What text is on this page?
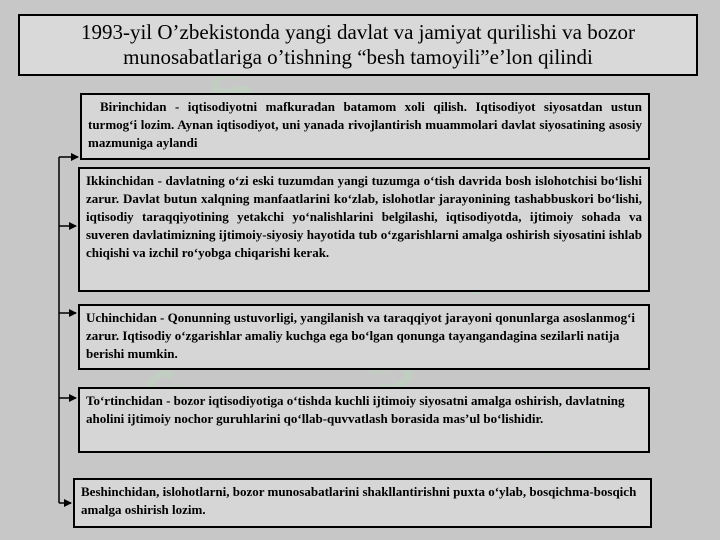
1993-yil O’zbekistonda yangi davlat va jamiyat qurilishi va bozor munosabatlariga o’tishning “besh tamoyili”e’lon qilindi
Birinchidan - iqtisodiyotni mafkuradan batamom xoli qilish. Iqtisodiyot siyosatdan ustun turmog‘i lozim. Aynan iqtisodiyot, uni yanada rivojlantirish muammolari davlat siyosatining asosiy mazmuniga aylandi
Ikkinchidan - davlatning o‘zi eski tuzumdan yangi tuzumga o‘tish davrida bosh islohotchisi bo‘lishi zarur. Davlat butun xalqning manfaatlarini ko‘zlab, islohotlar jarayonining tashabbuskori bo‘lishi, iqtisodiy taraqqiyotining yetakchi yo‘nalishlarini belgilashi, iqtisodiyotda, ijtimoiy sohada va suveren davlatimizning ijtimoiy-siyosiy hayotida tub o‘zgarishlarni amalga oshirish siyosatini ishlab chiqishi va izchil ro‘yobga chiqarishi kerak.
Uchinchidan - Qonunning ustuvorligi, yangilanish va taraqqiyot jarayoni qonunlarga asoslanmog‘i zarur. Iqtisodiy o‘zgarishlar amaliy kuchga ega bo‘lgan qonunga tayangandagina sezilarli natija berishi mumkin.
To‘rtinchidan - bozor iqtisodiyotiga o‘tishda kuchli ijtimoiy siyosatni amalga oshirish, davlatning aholini ijtimoiy nochor guruhlarini qo‘llab-quvvatlash borasida mas’ul bo‘lishidir.
Beshinchidan, islohotlarni, bozor munosabatlarini shakllantirishni puxta o‘ylab, bosqichma-bosqich amalga oshirish lozim.
